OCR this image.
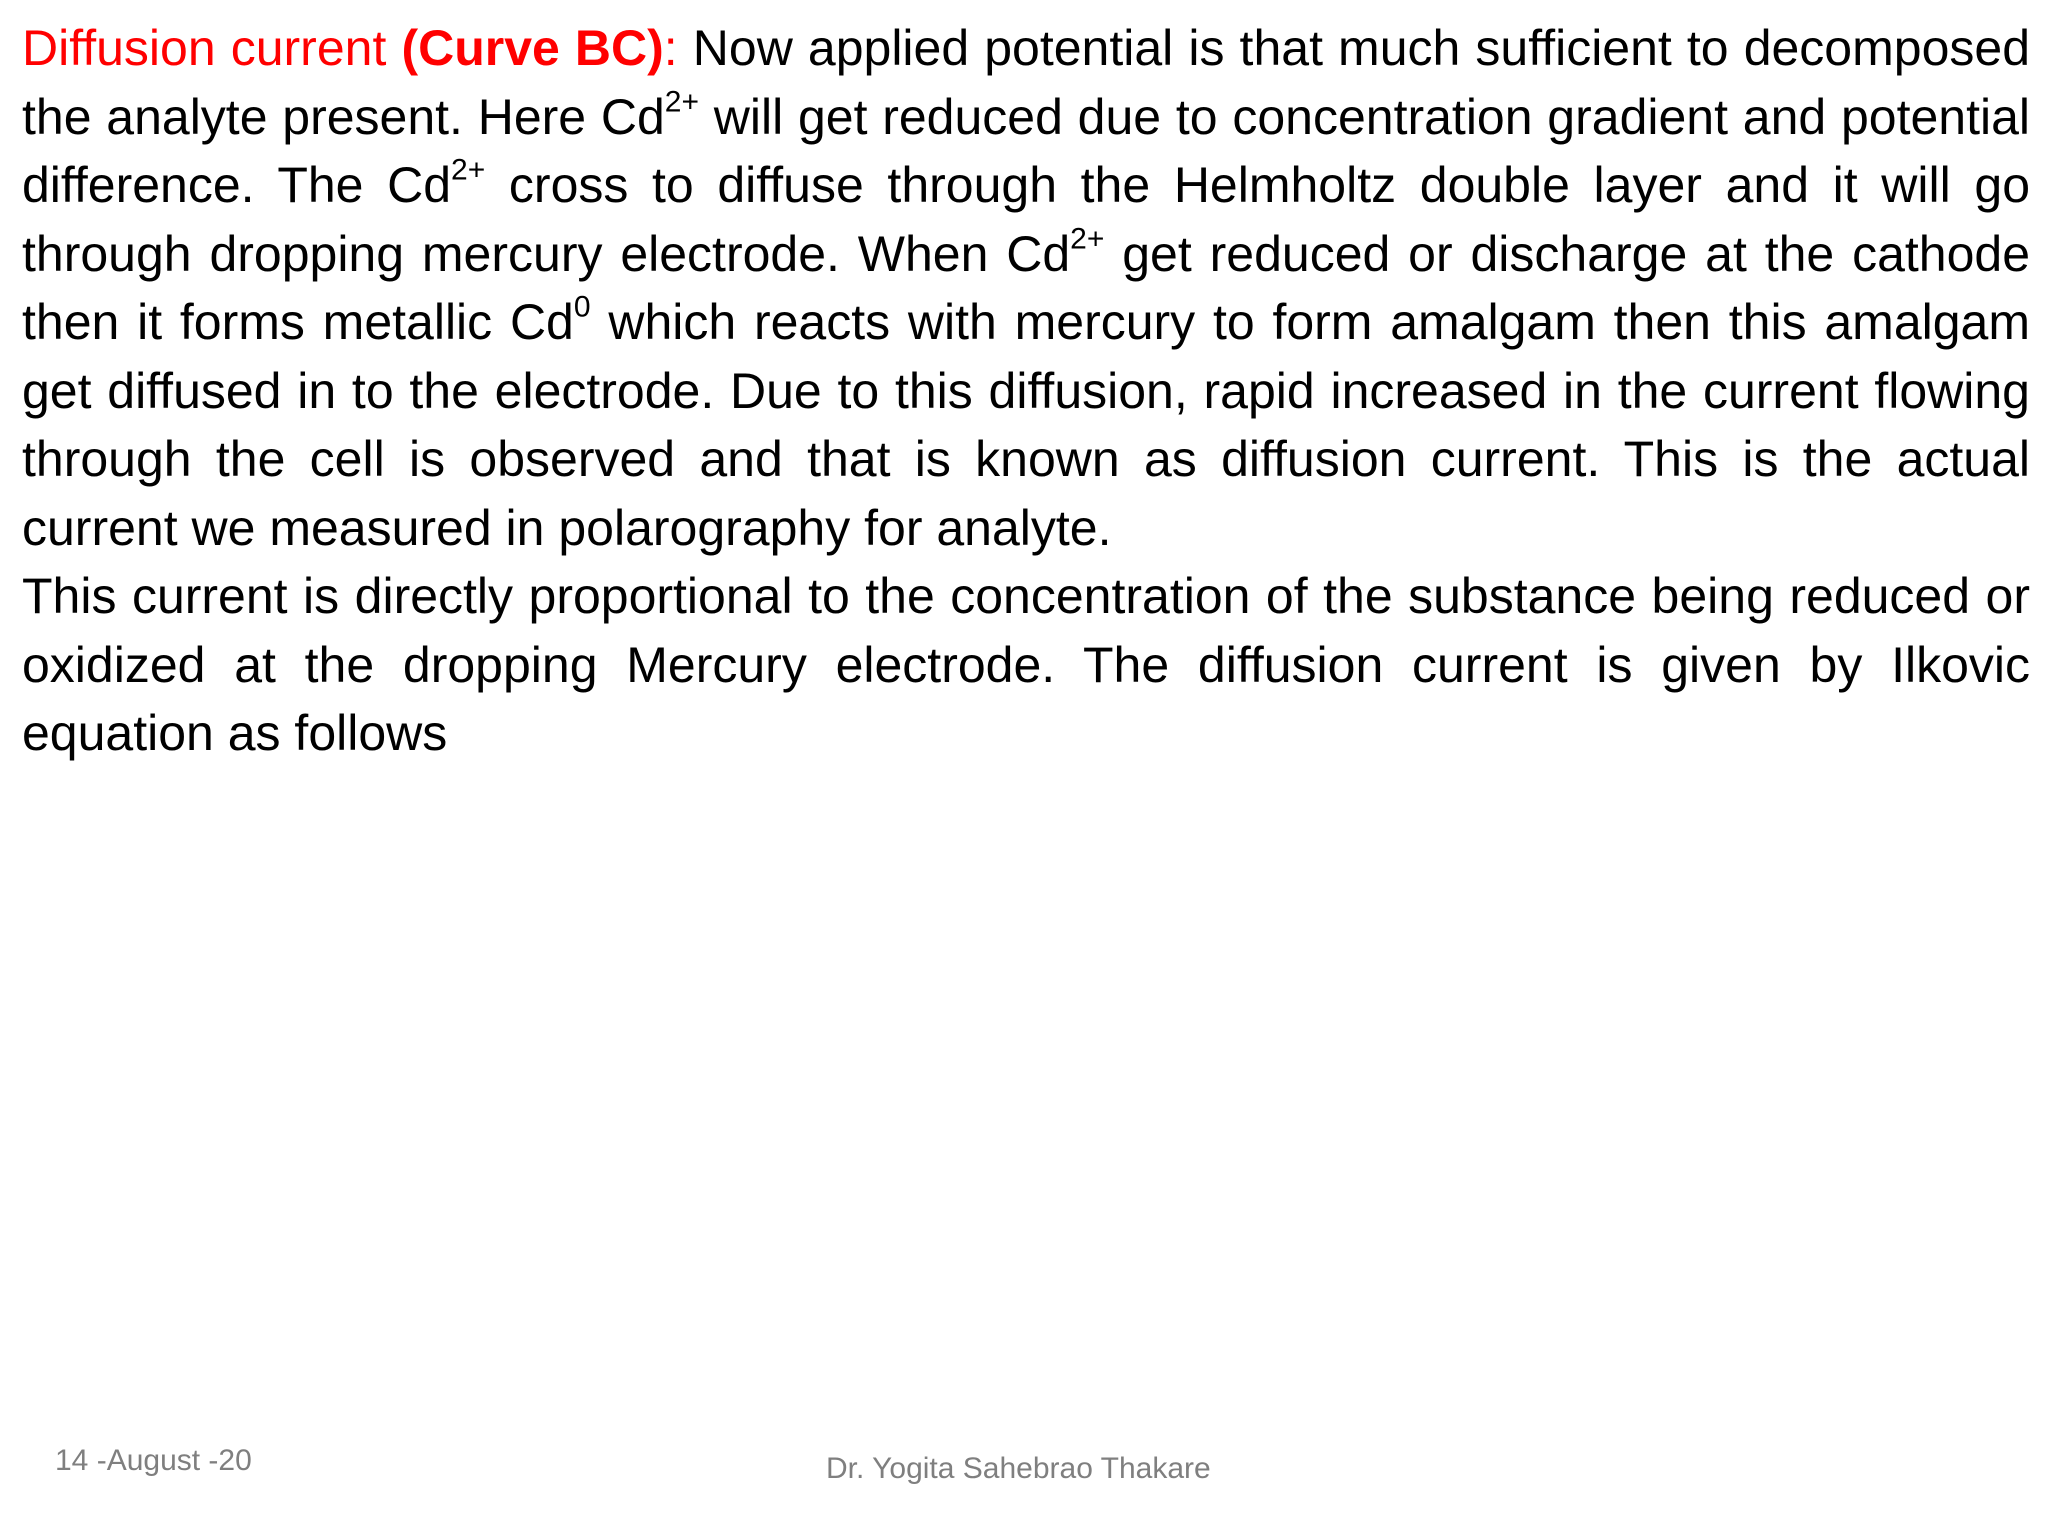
Diffusion current (Curve BC): Now applied potential is that much sufficient to decomposed the analyte present. Here $Cd^{2+}$ will get reduced due to concentration gradient and potential difference. The $Cd^{2+}$ cross to diffuse through the Helmholtz double layer and it will go through dropping mercury electrode. When $Cd^{2+}$ get reduced or discharge at the cathode then it forms metallic Cd$^0$ which reacts with mercury to form amalgam then this amalgam get diffused in to the electrode. Due to this diffusion, rapid increased in the current flowing through the cell is observed and that is known as diffusion current. This is the actual current we measured in polarography for analyte.

This current is directly proportional to the concentration of the substance being reduced or oxidized at the dropping Mercury electrode. The diffusion current is given by Ilkovic equation as follows

14 -August -20	Dr. Yogita Sahebrao Thakare
